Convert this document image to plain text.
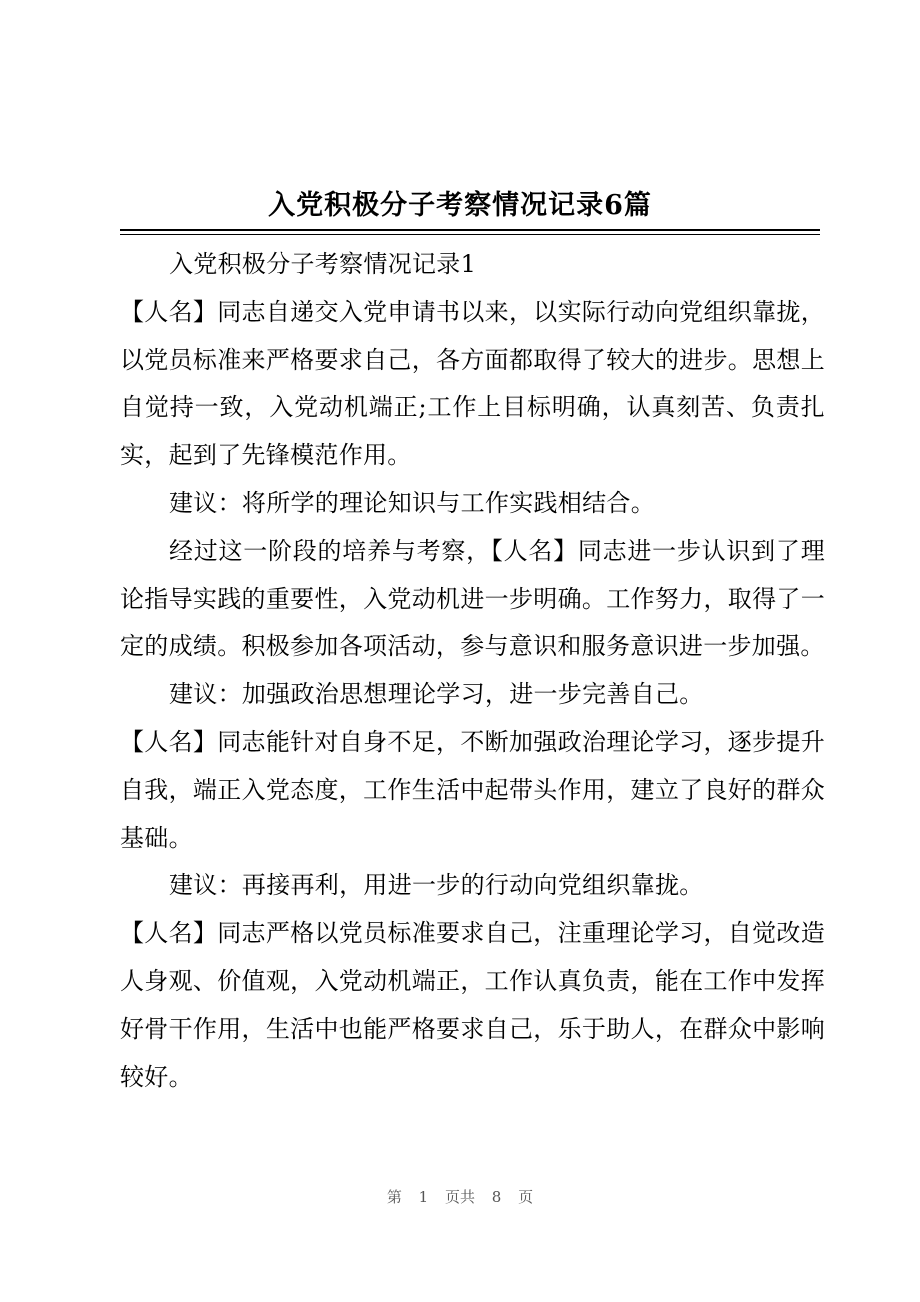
入党积极分子考察情况记录6篇

入党积极分子考察情况记录1

【人名】同志自递交入党申请书以来，以实际行动向党组织靠拢，以党员标准来严格要求自己，各方面都取得了较大的进步。思想上自觉持一致，入党动机端正;工作上目标明确，认真刻苦、负责扎实，起到了先锋模范作用。

建议：将所学的理论知识与工作实践相结合。

经过这一阶段的培养与考察，【人名】同志进一步认识到了理论指导实践的重要性，入党动机进一步明确。工作努力，取得了一定的成绩。积极参加各项活动，参与意识和服务意识进一步加强。

建议：加强政治思想理论学习，进一步完善自己。

【人名】同志能针对自身不足，不断加强政治理论学习，逐步提升自我，端正入党态度，工作生活中起带头作用，建立了良好的群众基础。

建议：再接再利，用进一步的行动向党组织靠拢。

【人名】同志严格以党员标准要求自己，注重理论学习，自觉改造人身观、价值观，入党动机端正，工作认真负责，能在工作中发挥好骨干作用，生活中也能严格要求自己，乐于助人，在群众中影响较好。

第 1 页共 8 页
